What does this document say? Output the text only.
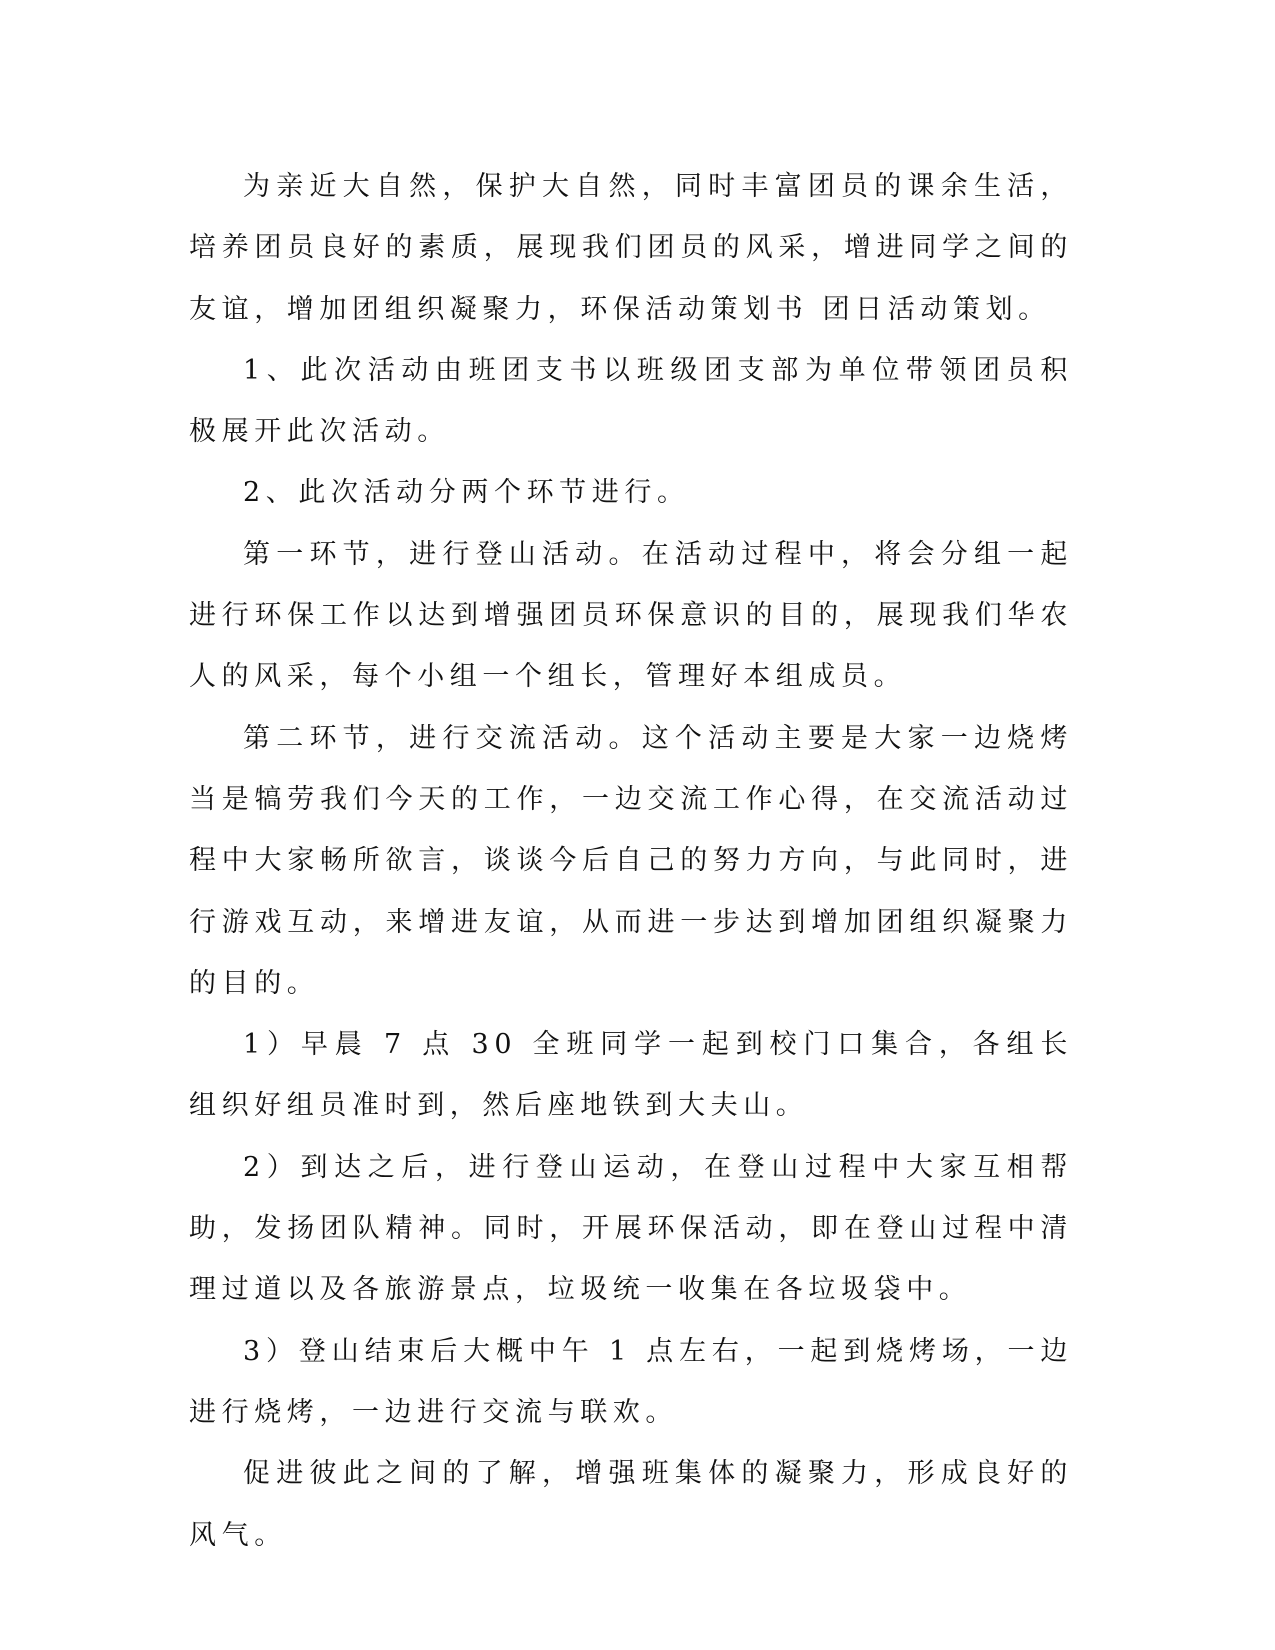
为亲近大自然，保护大自然，同时丰富团员的课余生活，培养团员良好的素质，展现我们团员的风采，增进同学之间的友谊，增加团组织凝聚力，环保活动策划书 团日活动策划。

1、此次活动由班团支书以班级团支部为单位带领团员积极展开此次活动。

2、此次活动分两个环节进行。

第一环节，进行登山活动。在活动过程中，将会分组一起进行环保工作以达到增强团员环保意识的目的，展现我们华农人的风采，每个小组一个组长，管理好本组成员。

第二环节，进行交流活动。这个活动主要是大家一边烧烤当是犒劳我们今天的工作，一边交流工作心得，在交流活动过程中大家畅所欲言，谈谈今后自己的努力方向，与此同时，进行游戏互动，来增进友谊，从而进一步达到增加团组织凝聚力的目的。

1）早晨 7 点 30 全班同学一起到校门口集合，各组长组织好组员准时到，然后座地铁到大夫山。

2）到达之后，进行登山运动，在登山过程中大家互相帮助，发扬团队精神。同时，开展环保活动，即在登山过程中清理过道以及各旅游景点，垃圾统一收集在各垃圾袋中。

3）登山结束后大概中午 1 点左右，一起到烧烤场，一边进行烧烤，一边进行交流与联欢。

促进彼此之间的了解，增强班集体的凝聚力，形成良好的风气。
